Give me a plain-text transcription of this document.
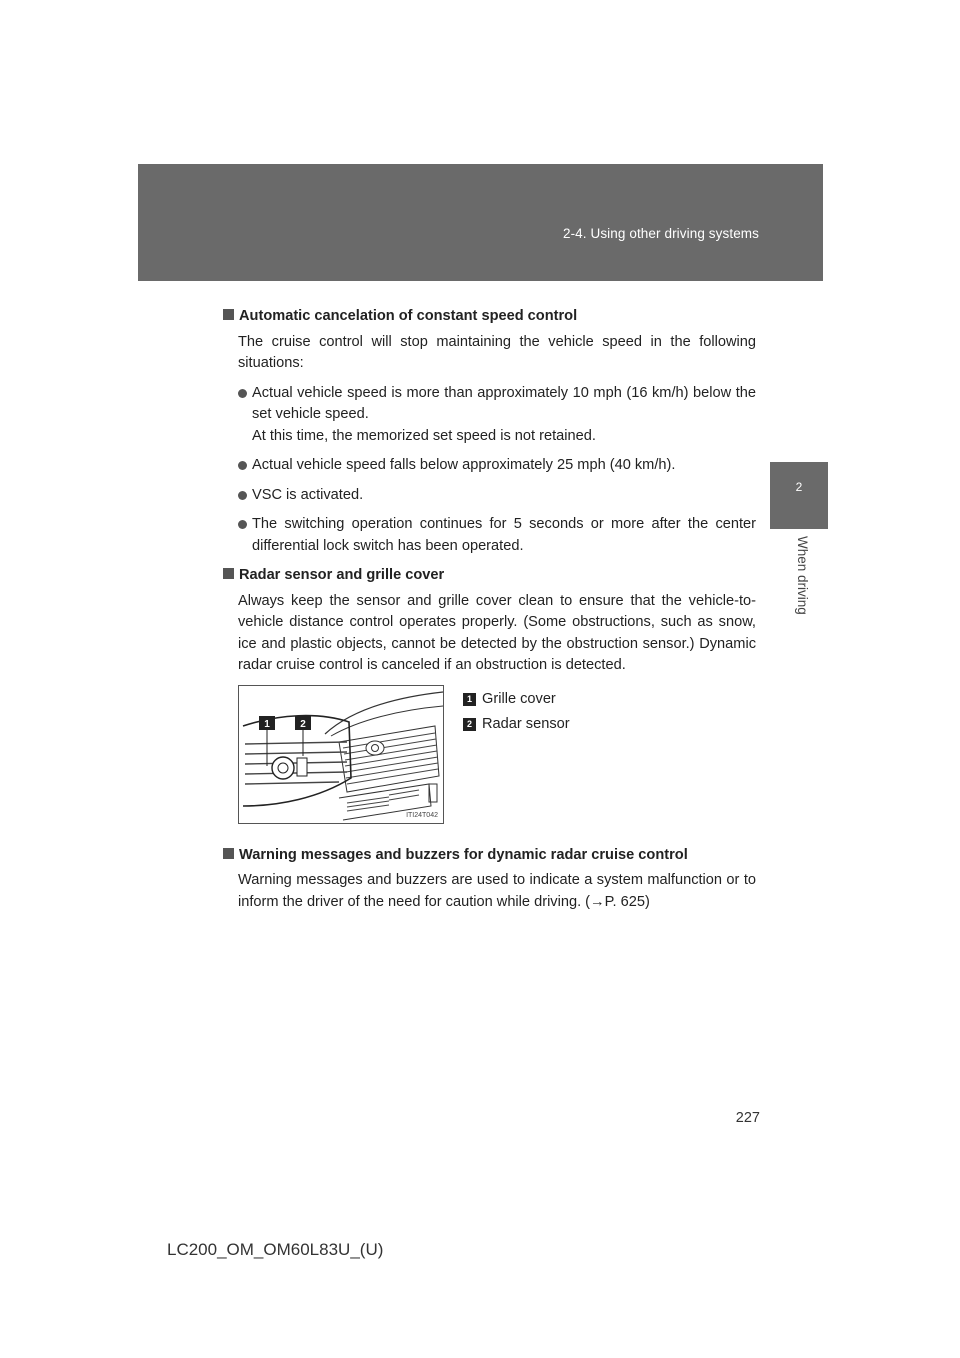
2-4. Using other driving systems
2
When driving
Automatic cancelation of constant speed control

The cruise control will stop maintaining the vehicle speed in the following situations:

Actual vehicle speed is more than approximately 10 mph (16 km/h) below the set vehicle speed.
At this time, the memorized set speed is not retained.
Actual vehicle speed falls below approximately 25 mph (40 km/h).
VSC is activated.
The switching operation continues for 5 seconds or more after the center differential lock switch has been operated.
Radar sensor and grille cover

Always keep the sensor and grille cover clean to ensure that the vehicle-to-vehicle distance control operates properly. (Some obstructions, such as snow, ice and plastic objects, cannot be detected by the obstruction sensor.) Dynamic radar cruise control is canceled if an obstruction is detected.

1	2
ITI24T042
1 Grille cover
2 Radar sensor
Warning messages and buzzers for dynamic radar cruise control

Warning messages and buzzers are used to indicate a system malfunction or to inform the driver of the need for caution while driving. (→P. 625)

227
LC200_OM_OM60L83U_(U)
